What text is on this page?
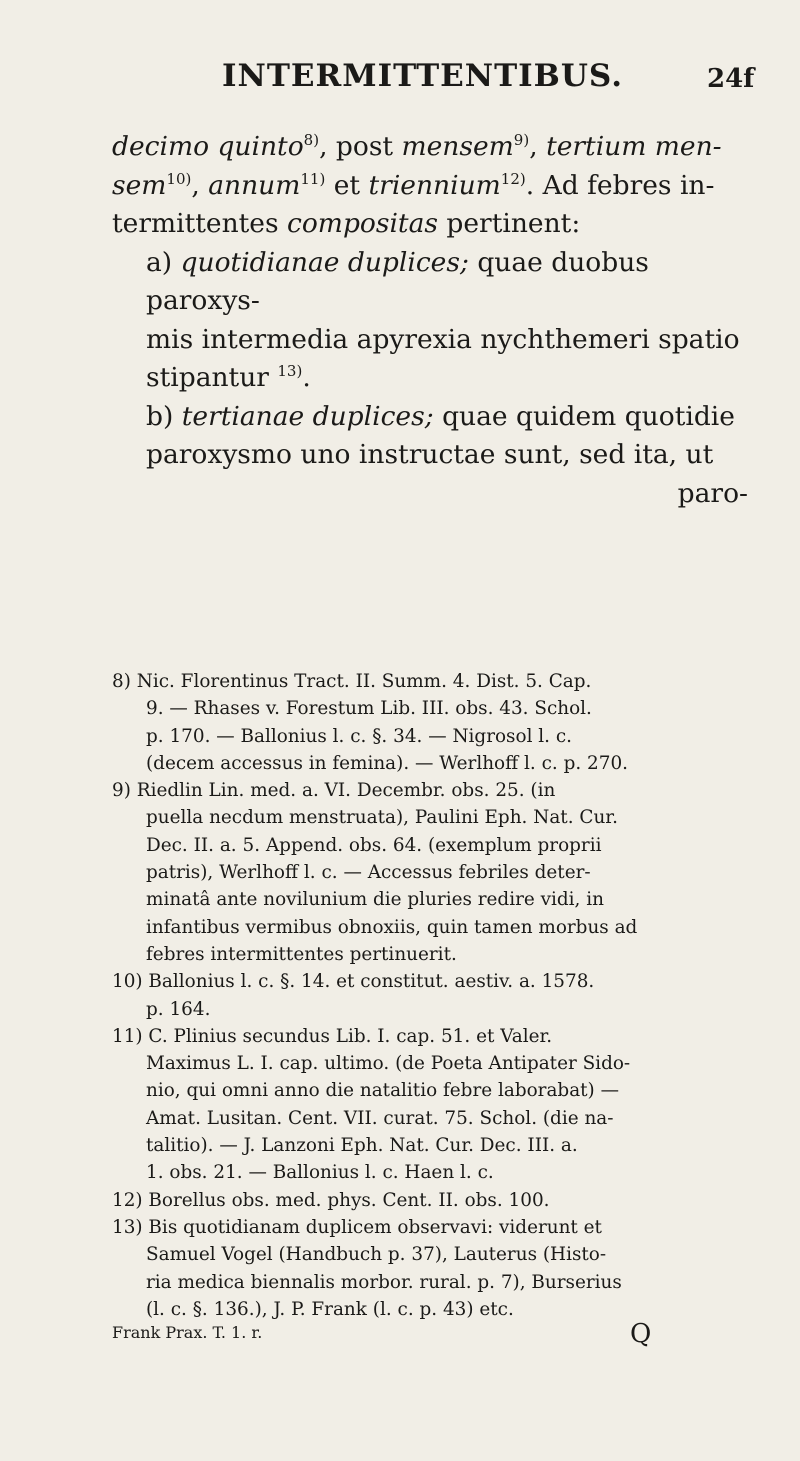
INTERMITTENTIBUS.	24f

decimo quinto$^{8)}$, post mensem$^{9)}$, tertium men-

sem$^{10)}$, annum$^{11)}$ et triennium$^{12)}$. Ad febres in-

termittentes compositas pertinent:

a) quotidianae duplices; quae duobus paroxys-

mis intermedia apyrexia nychthemeri spatio

stipantur $^{13)}$.

b) tertianae duplices; quae quidem quotidie

paroxysmo uno instructae sunt, sed ita, ut

paro-

8) Nic. Florentinus Tract. II. Summ. 4. Dist. 5. Cap.

9. — Rhases v. Forestum Lib. III. obs. 43. Schol.

p. 170. — Ballonius l. c. §. 34. — Nigrosol l. c.

(decem accessus in femina). — Werlhoff l. c. p. 270.

9) Riedlin Lin. med. a. VI. Decembr. obs. 25. (in

puella necdum menstruata), Paulini Eph. Nat. Cur.

Dec. II. a. 5. Append. obs. 64. (exemplum proprii

patris), Werlhoff l. c. — Accessus febriles deter-

minatâ ante novilunium die pluries redire vidi, in

infantibus vermibus obnoxiis, quin tamen morbus ad

febres intermittentes pertinuerit.

10) Ballonius l. c. §. 14. et constitut. aestiv. a. 1578.

p. 164.

11) C. Plinius secundus Lib. I. cap. 51. et Valer.

Maximus L. I. cap. ultimo. (de Poeta Antipater Sido-

nio, qui omni anno die natalitio febre laborabat) —

Amat. Lusitan. Cent. VII. curat. 75. Schol. (die na-

talitio). — J. Lanzoni Eph. Nat. Cur. Dec. III. a.

1. obs. 21. — Ballonius l. c. Haen l. c.

12) Borellus obs. med. phys. Cent. II. obs. 100.

13) Bis quotidianam duplicem observavi: viderunt et

Samuel Vogel (Handbuch p. 37), Lauterus (Histo-

ria medica biennalis morbor. rural. p. 7), Burserius

(l. c. §. 136.), J. P. Frank (l. c. p. 43) etc.

Frank Prax. T. 1. r.	Q
